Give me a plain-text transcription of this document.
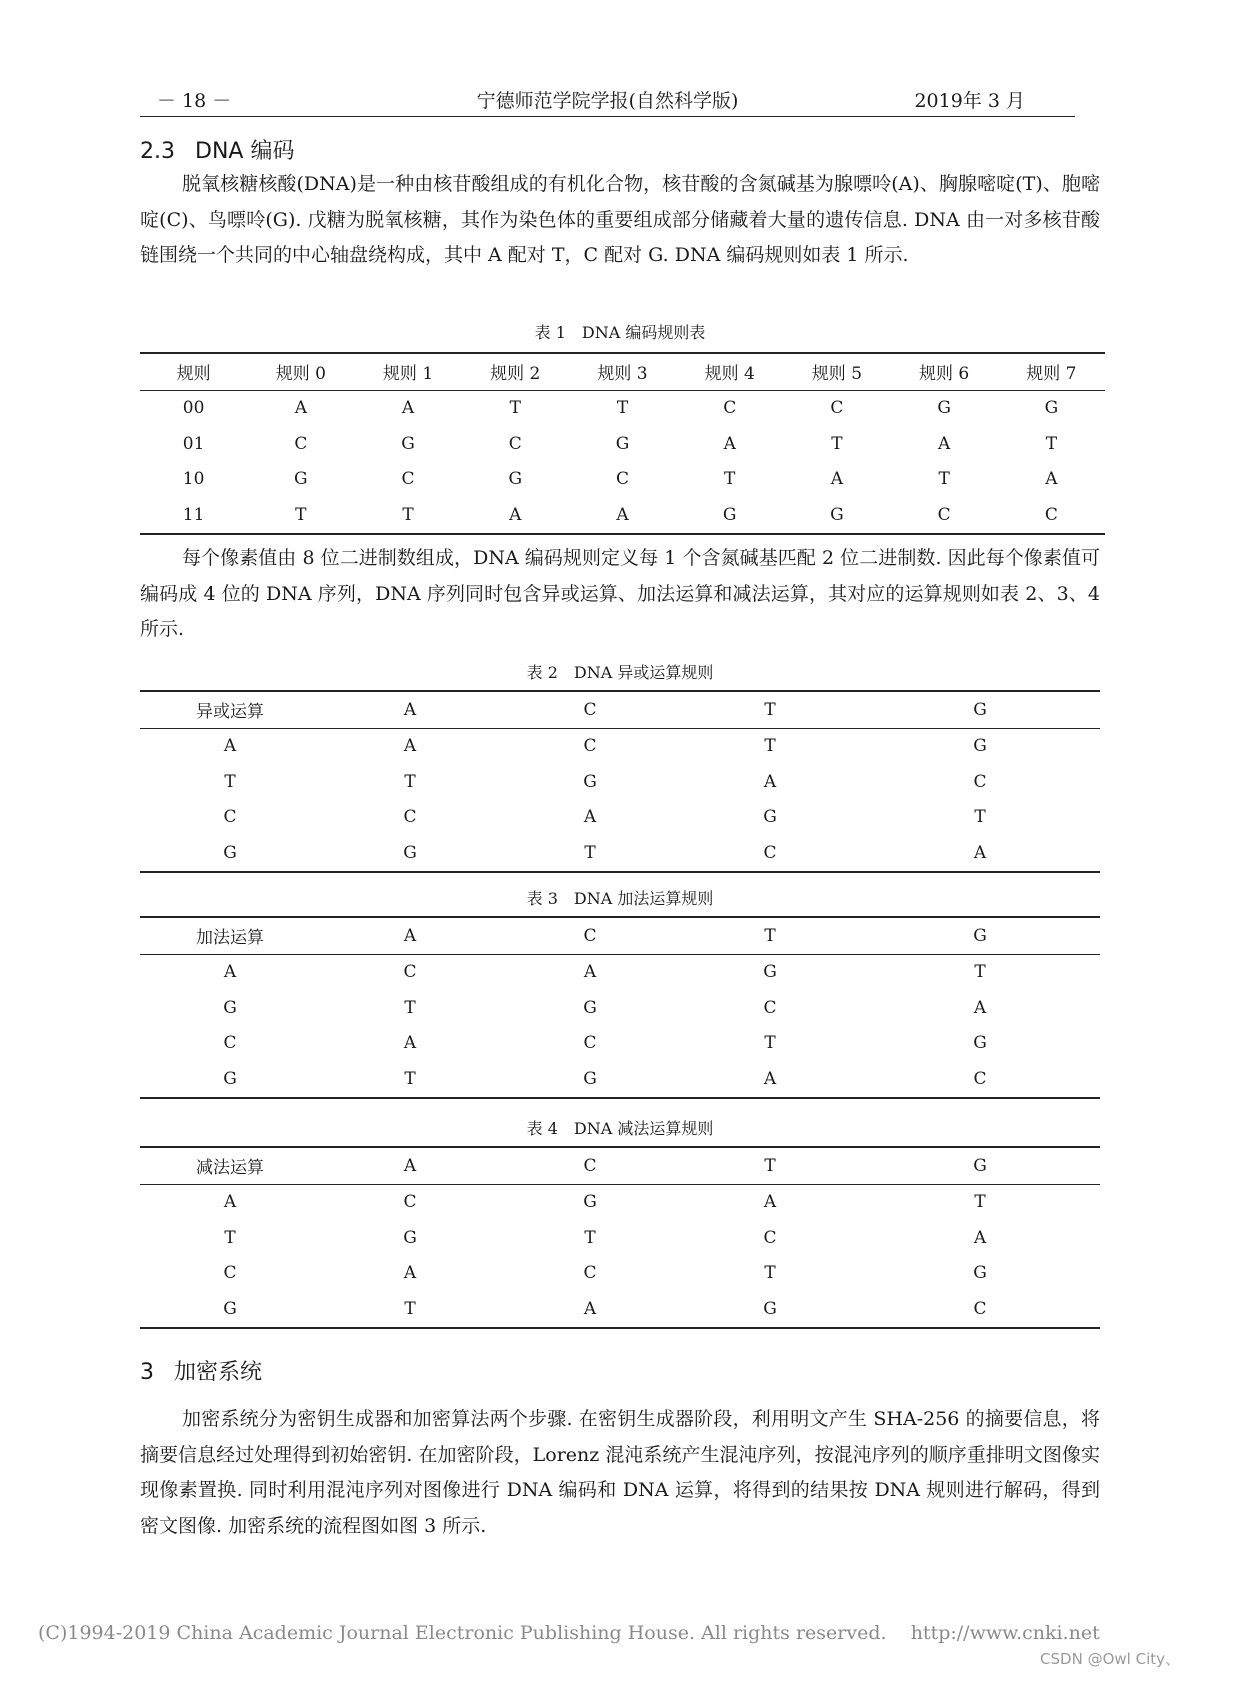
－ 18 －	宁德师范学院学报(自然科学版)	2019年 3 月
2.3 DNA 编码

脱氧核糖核酸(DNA)是一种由核苷酸组成的有机化合物，核苷酸的含氮碱基为腺嘌呤(A)、胸腺嘧啶(T)、胞嘧啶(C)、鸟嘌呤(G). 戊糖为脱氧核糖，其作为染色体的重要组成部分储藏着大量的遗传信息. DNA 由一对多核苷酸链围绕一个共同的中心轴盘绕构成，其中 A 配对 T，C 配对 G. DNA 编码规则如表 1 所示.

表 1　DNA 编码规则表
规则	规则 0	规则 1	规则 2	规则 3	规则 4	规则 5	规则 6	规则 7
00	A	A	T	T	C	C	G	G
01	C	G	C	G	A	T	A	T
10	G	C	G	C	T	A	T	A
11	T	T	A	A	G	G	C	C

每个像素值由 8 位二进制数组成，DNA 编码规则定义每 1 个含氮碱基匹配 2 位二进制数. 因此每个像素值可编码成 4 位的 DNA 序列，DNA 序列同时包含异或运算、加法运算和减法运算，其对应的运算规则如表 2、3、4 所示.

表 2　DNA 异或运算规则
异或运算	A	C	T	G
A	A	C	T	G
T	T	G	A	C
C	C	A	G	T
G	G	T	C	A
表 3　DNA 加法运算规则
加法运算	A	C	T	G
A	C	A	G	T
G	T	G	C	A
C	A	C	T	G
G	T	G	A	C
表 4　DNA 减法运算规则
减法运算	A	C	T	G
A	C	G	A	T
T	G	T	C	A
C	A	C	T	G
G	T	A	G	C
3 加密系统

加密系统分为密钥生成器和加密算法两个步骤. 在密钥生成器阶段，利用明文产生 SHA-256 的摘要信息，将摘要信息经过处理得到初始密钥. 在加密阶段，Lorenz 混沌系统产生混沌序列，按混沌序列的顺序重排明文图像实现像素置换. 同时利用混沌序列对图像进行 DNA 编码和 DNA 运算，将得到的结果按 DNA 规则进行解码，得到密文图像. 加密系统的流程图如图 3 所示.

(C)1994-2019 China Academic Journal Electronic Publishing House. All rights reserved.    http://www.cnki.net
CSDN @Owl City、
